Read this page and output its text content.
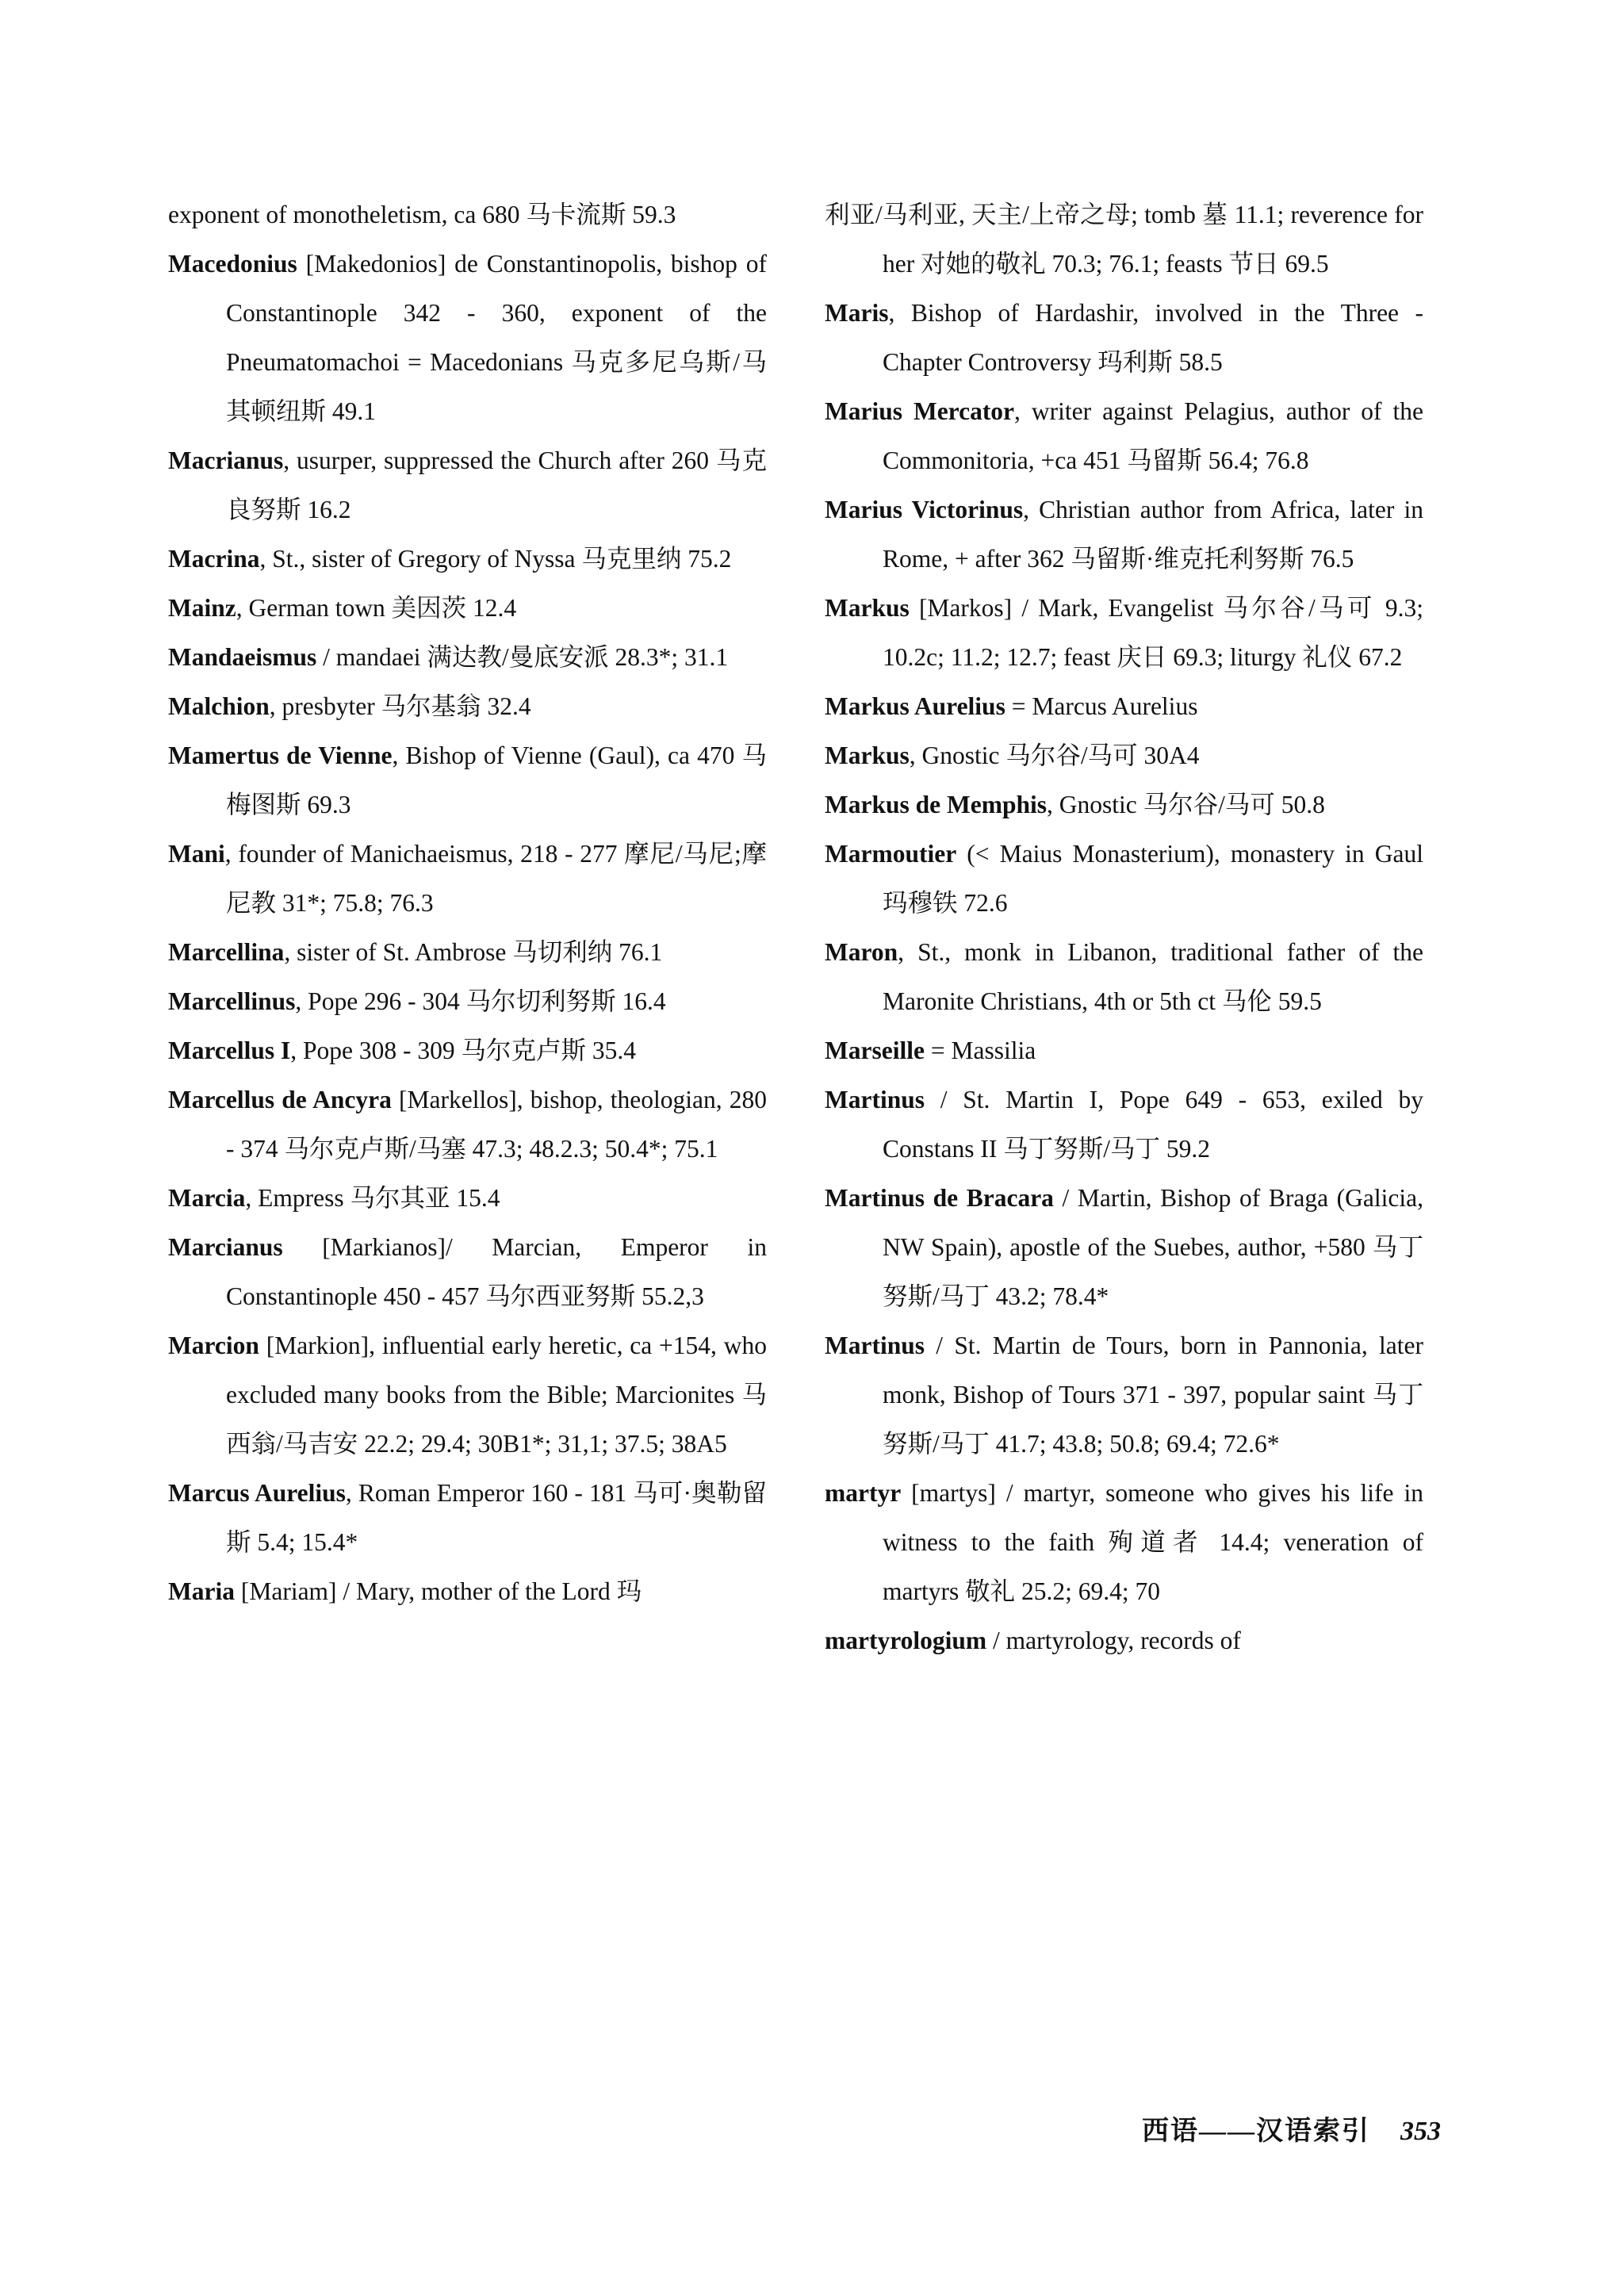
exponent of monotheletism, ca 680 马卡流斯 59.3

Macedonius [Makedonios] de Constantinopolis, bishop of Constantinople 342 - 360, exponent of the Pneumatomachoi = Macedonians 马克多尼乌斯/马其顿纽斯 49.1

Macrianus, usurper, suppressed the Church after 260 马克良努斯 16.2

Macrina, St., sister of Gregory of Nyssa 马克里纳 75.2

Mainz, German town 美因茨 12.4

Mandaeismus / mandaei 满达教/曼底安派 28.3*; 31.1

Malchion, presbyter 马尔基翁 32.4

Mamertus de Vienne, Bishop of Vienne (Gaul), ca 470 马梅图斯 69.3

Mani, founder of Manichaeismus, 218 - 277 摩尼/马尼;摩尼教 31*; 75.8; 76.3

Marcellina, sister of St. Ambrose 马切利纳 76.1

Marcellinus, Pope 296 - 304 马尔切利努斯 16.4

Marcellus I, Pope 308 - 309 马尔克卢斯 35.4

Marcellus de Ancyra [Markellos], bishop, theologian, 280 - 374 马尔克卢斯/马塞 47.3; 48.2.3; 50.4*; 75.1

Marcia, Empress 马尔其亚 15.4

Marcianus [Markianos]/ Marcian, Emperor in Constantinople 450 - 457 马尔西亚努斯 55.2,3

Marcion [Markion], influential early heretic, ca +154, who excluded many books from the Bible; Marcionites 马西翁/马吉安 22.2; 29.4; 30B1*; 31,1; 37.5; 38A5

Marcus Aurelius, Roman Emperor 160 - 181 马可·奥勒留斯 5.4; 15.4*

Maria [Mariam] / Mary, mother of the Lord 玛

利亚/马利亚, 天主/上帝之母; tomb 墓 11.1; reverence for her 对她的敬礼 70.3; 76.1; feasts 节日 69.5

Maris, Bishop of Hardashir, involved in the Three - Chapter Controversy 玛利斯 58.5

Marius Mercator, writer against Pelagius, author of the Commonitoria, +ca 451 马留斯 56.4; 76.8

Marius Victorinus, Christian author from Africa, later in Rome, + after 362 马留斯·维克托利努斯 76.5

Markus [Markos] / Mark, Evangelist 马尔谷/马可 9.3; 10.2c; 11.2; 12.7; feast 庆日 69.3; liturgy 礼仪 67.2

Markus Aurelius = Marcus Aurelius

Markus, Gnostic 马尔谷/马可 30A4

Markus de Memphis, Gnostic 马尔谷/马可 50.8

Marmoutier (< Maius Monasterium), monastery in Gaul 玛穆铁 72.6

Maron, St., monk in Libanon, traditional father of the Maronite Christians, 4th or 5th ct 马伦 59.5

Marseille = Massilia

Martinus / St. Martin I, Pope 649 - 653, exiled by Constans II 马丁努斯/马丁 59.2

Martinus de Bracara / Martin, Bishop of Braga (Galicia, NW Spain), apostle of the Suebes, author, +580 马丁努斯/马丁 43.2; 78.4*

Martinus / St. Martin de Tours, born in Pannonia, later monk, Bishop of Tours 371 - 397, popular saint 马丁努斯/马丁 41.7; 43.8; 50.8; 69.4; 72.6*

martyr [martys] / martyr, someone who gives his life in witness to the faith 殉道者 14.4; veneration of martyrs 敬礼 25.2; 69.4; 70

martyrologium / martyrology, records of

西语——汉语索引 353
